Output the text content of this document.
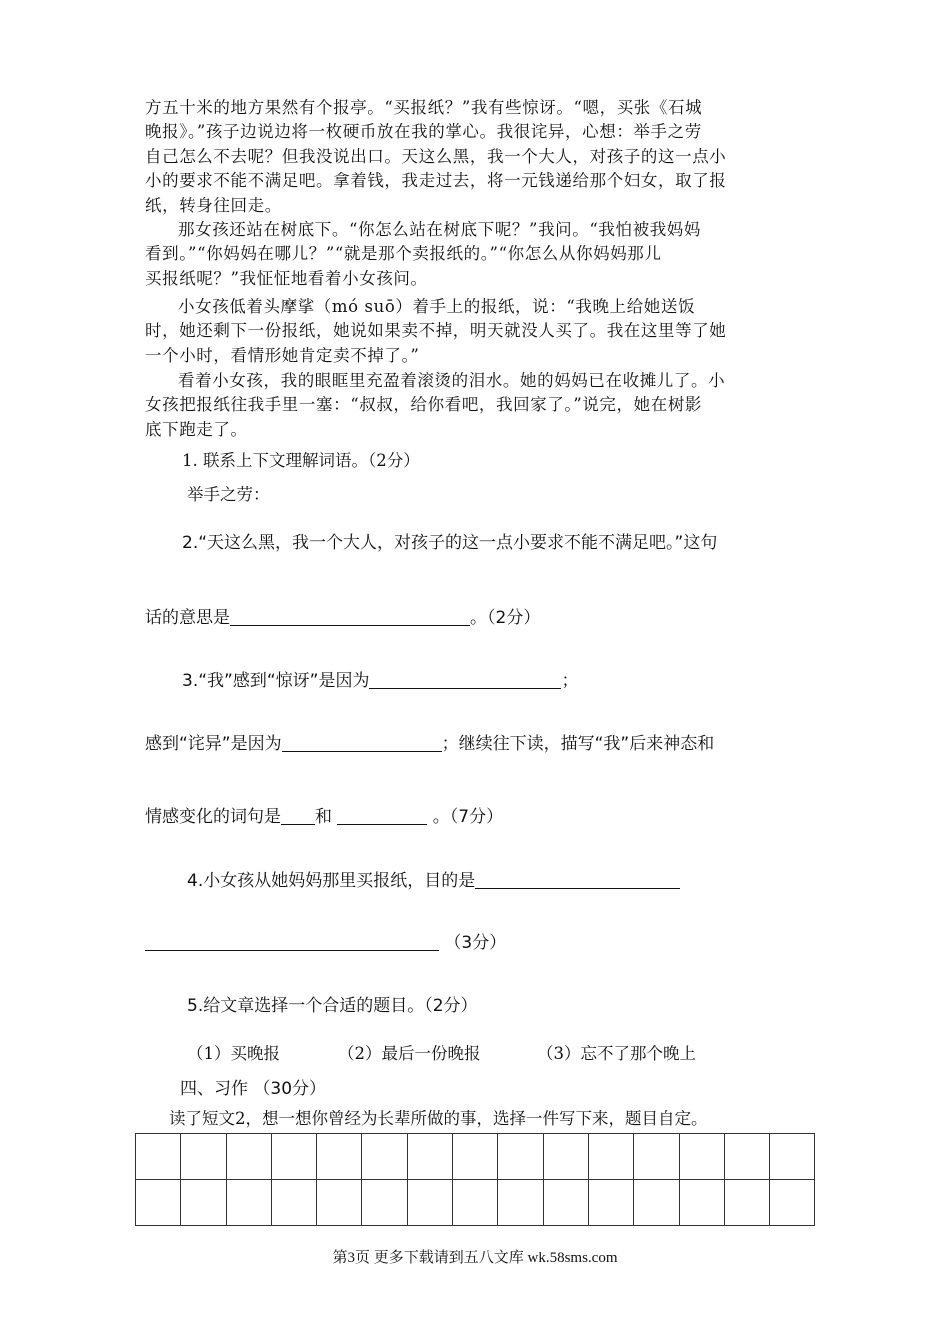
方五十米的地方果然有个报亭。“买报纸？”我有些惊讶。“嗯，买张《石城
晚报》。”孩子边说边将一枚硬币放在我的掌心。我很诧异，心想：举手之劳
自己怎么不去呢？但我没说出口。天这么黑，我一个大人，对孩子的这一点小
小的要求不能不满足吧。拿着钱，我走过去，将一元钱递给那个妇女，取了报
纸，转身往回走。
那女孩还站在树底下。“你怎么站在树底下呢？”我问。“我怕被我妈妈
看到。”“你妈妈在哪儿？”“就是那个卖报纸的。”“你怎么从你妈妈那儿
买报纸呢？”我怔怔地看着小女孩问。
小女孩低着头摩挲（mó suō）着手上的报纸，说：“我晚上给她送饭
时，她还剩下一份报纸，她说如果卖不掉，明天就没人买了。我在这里等了她
一个小时，看情形她肯定卖不掉了。”
看着小女孩，我的眼眶里充盈着滚烫的泪水。她的妈妈已在收摊儿了。小
女孩把报纸往我手里一塞：“叔叔，给你看吧，我回家了。”说完，她在树影
底下跑走了。

1. 联系上下文理解词语。（2分）

举手之劳：

2.“天这么黑，我一个大人，对孩子的这一点小要求不能不满足吧。”这句

话的意思是	。（2分）

3.“我”感到“惊讶”是因为	；

感到“诧异”是因为	；继续往下读，描写“我”后来神态和

情感变化的词句是 和	。（7分）

4.小女孩从她妈妈那里买报纸，目的是

（3分）

5.给文章选择一个合适的题目。（2分）

（1）买晚报	（2）最后一份晚报	（3）忘不了那个晚上

四、习作 （30分）

读了短文2，想一想你曾经为长辈所做的事，选择一件写下来，题目自定。

第3页 更多下载请到五八文库 wk.58sms.com
